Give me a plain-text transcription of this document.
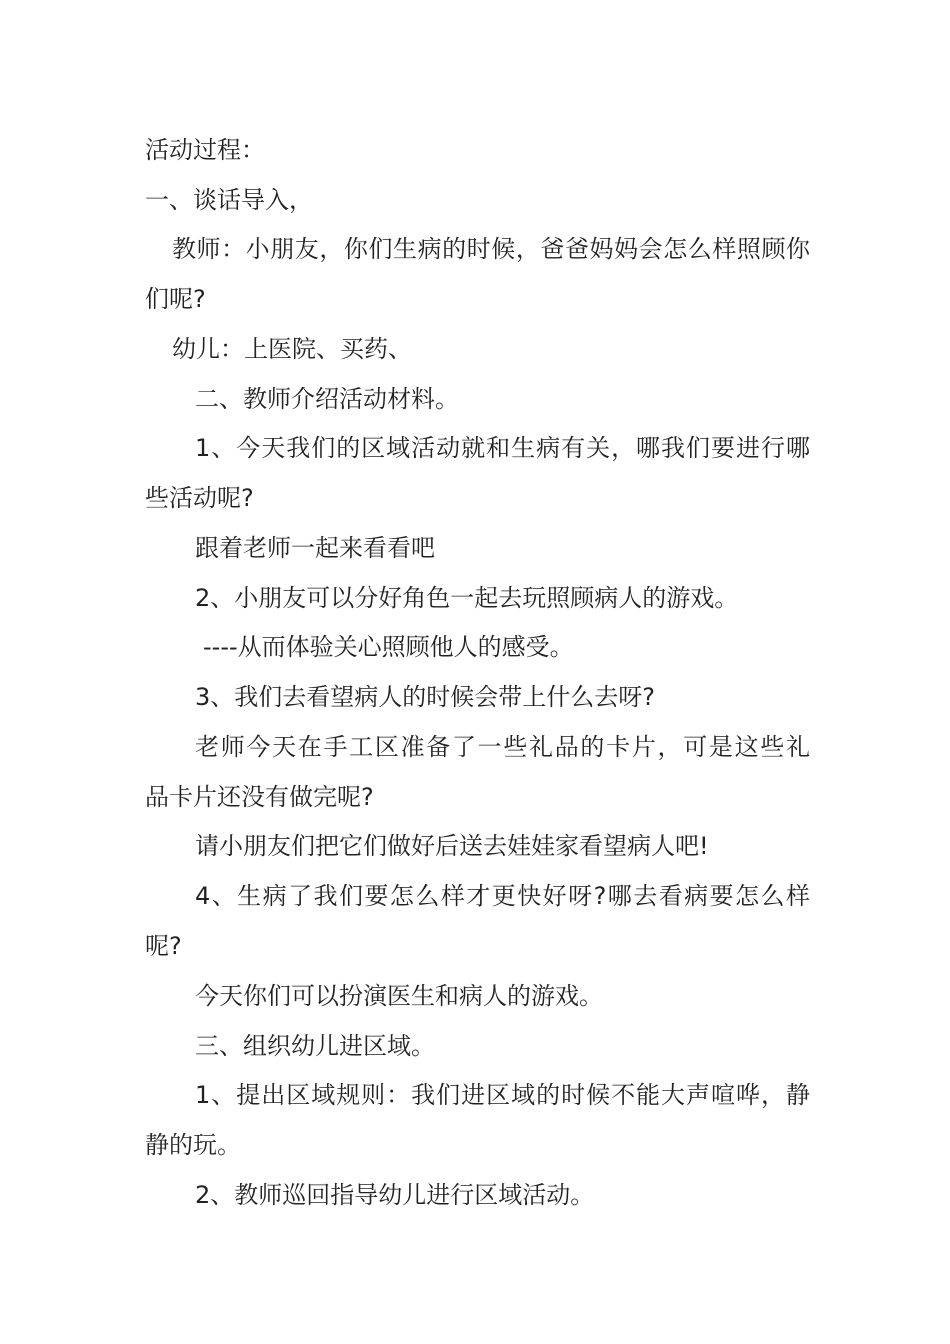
活动过程：
一、谈话导入，
教师：小朋友，你们生病的时候，爸爸妈妈会怎么样照顾你
们呢?
幼儿：上医院、买药、
二、教师介绍活动材料。
1、今天我们的区域活动就和生病有关，哪我们要进行哪
些活动呢?
跟着老师一起来看看吧
2、小朋友可以分好角色一起去玩照顾病人的游戏。
----从而体验关心照顾他人的感受。
3、我们去看望病人的时候会带上什么去呀?
老师今天在手工区准备了一些礼品的卡片，可是这些礼
品卡片还没有做完呢?
请小朋友们把它们做好后送去娃娃家看望病人吧!
4、生病了我们要怎么样才更快好呀?哪去看病要怎么样
呢?
今天你们可以扮演医生和病人的游戏。
三、组织幼儿进区域。
1、提出区域规则：我们进区域的时候不能大声喧哗，静
静的玩。
2、教师巡回指导幼儿进行区域活动。
